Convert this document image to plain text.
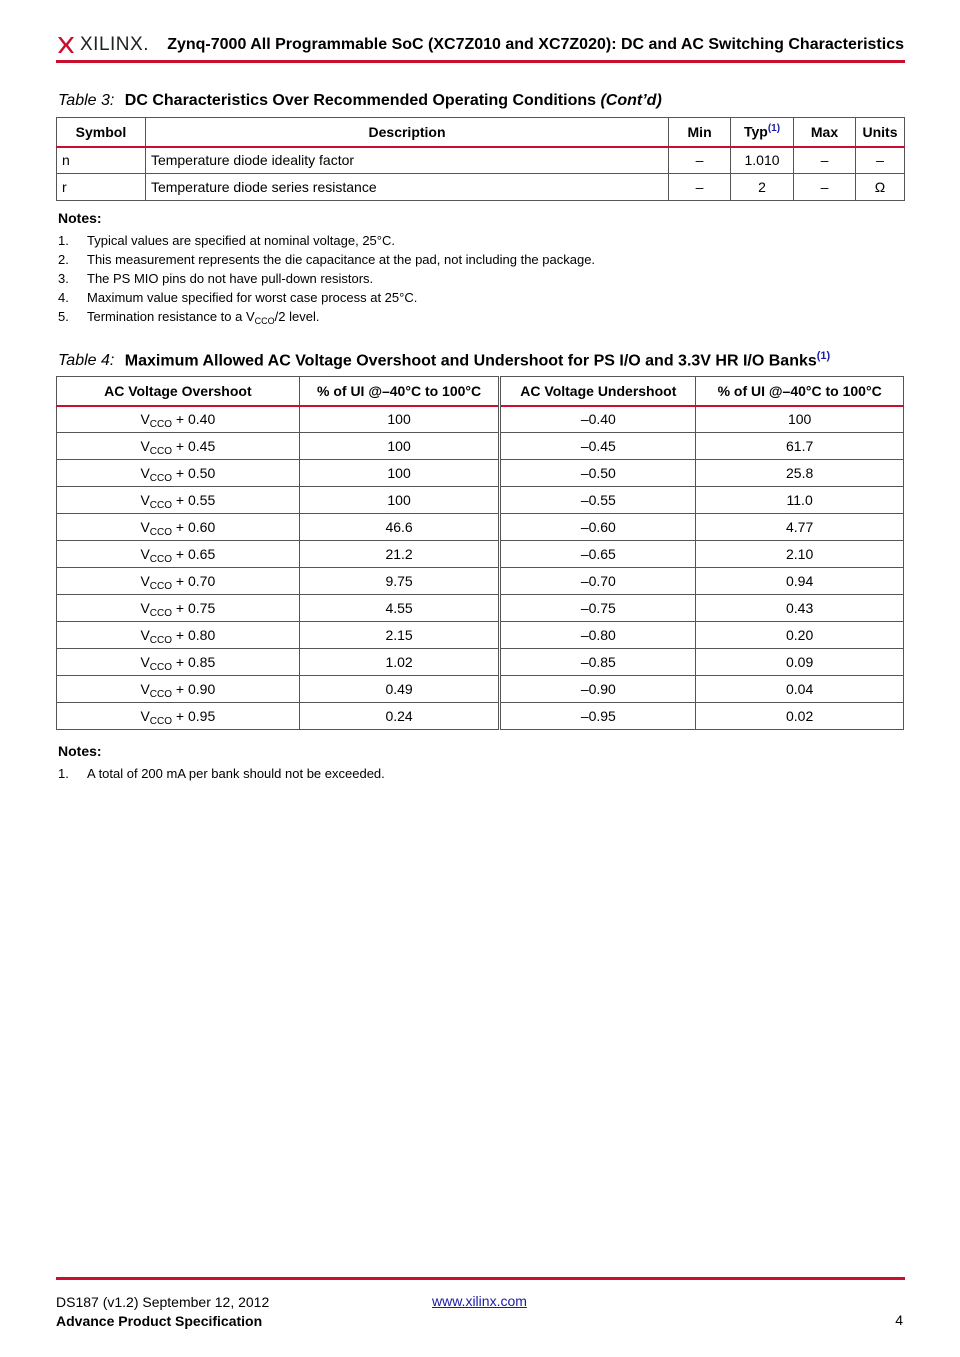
XILINX. Zynq-7000 All Programmable SoC (XC7Z010 and XC7Z020): DC and AC Switching Characteristics
Table 3: DC Characteristics Over Recommended Operating Conditions (Cont’d)
Symbol	Description	Min	Typ$^{(1)}$	Max	Units
n	Temperature diode ideality factor	–	1.010	–	–
r	Temperature diode series resistance	–	2	–	Ω
Notes:
1.	Typical values are specified at nominal voltage, 25°C.
2.	This measurement represents the die capacitance at the pad, not including the package.
3.	The PS MIO pins do not have pull-down resistors.
4.	Maximum value specified for worst case process at 25°C.
5.	Termination resistance to a $V_{CCO}/2$ level.
Table 4: Maximum Allowed AC Voltage Overshoot and Undershoot for PS I/O and 3.3V HR I/O Banks$^{(1)}$
AC Voltage Overshoot	% of UI @–40°C to 100°C	AC Voltage Undershoot	% of UI @–40°C to 100°C
$V_{CCO} + 0.40$	100	–0.40	100
$V_{CCO} + 0.45$	100	–0.45	61.7
$V_{CCO} + 0.50$	100	–0.50	25.8
$V_{CCO} + 0.55$	100	–0.55	11.0
$V_{CCO} + 0.60$	46.6	–0.60	4.77
$V_{CCO} + 0.65$	21.2	–0.65	2.10
$V_{CCO} + 0.70$	9.75	–0.70	0.94
$V_{CCO} + 0.75$	4.55	–0.75	0.43
$V_{CCO} + 0.80$	2.15	–0.80	0.20
$V_{CCO} + 0.85$	1.02	–0.85	0.09
$V_{CCO} + 0.90$	0.49	–0.90	0.04
$V_{CCO} + 0.95$	0.24	–0.95	0.02
Notes:
1.	A total of 200 mA per bank should not be exceeded.
DS187 (v1.2) September 12, 2012
Advance Product Specification
www.xilinx.com
4
